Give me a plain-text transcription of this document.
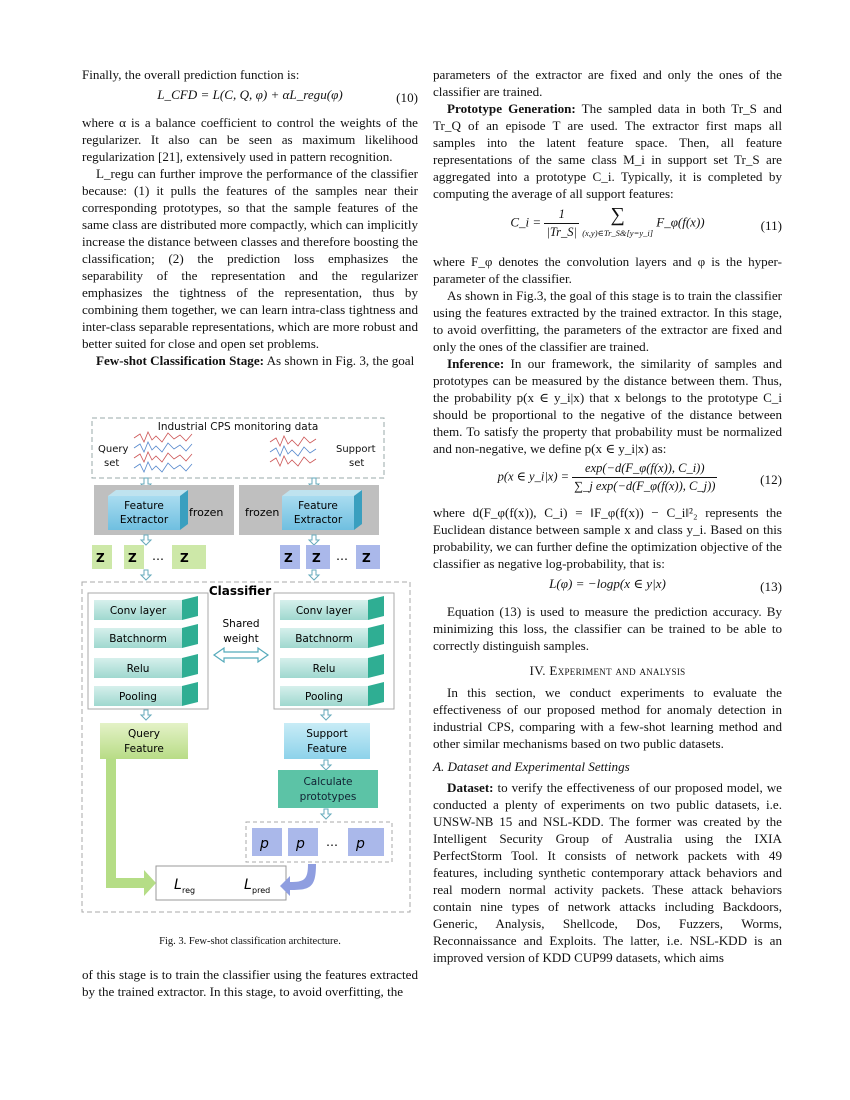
Finally, the overall prediction function is:

L_CFD = L(C, Q, φ) + αL_regu(φ)	(10)

where α is a balance coefficient to control the weights of the regularizer. It also can be seen as maximum likelihood regularization [21], extensively used in pattern recognition.

L_regu can further improve the performance of the classifier because: (1) it pulls the features of the samples near their corresponding prototypes, so that the sample features of the same class are distributed more compactly, which can implicitly increase the distance between classes and therefore boosting the classification; (2) the prediction loss emphasizes the separability of the representation and the regularizer emphasizes the tightness of the representation, thus by combining them together, we can learn intra-class tightness and inter-class separable representations, which are more robust and better suited for close and open set problems.

Few-shot Classification Stage: As shown in Fig. 3, the goal

Industrial CPS monitoring data
Query
set
Support
set
Feature
Extractor
frozen frozen Feature
Extractor
Z Z … Z	Z Z … Z
Classifier
Conv layer
Batchnorm
Relu
Pooling
Conv layer
Batchnorm
Relu
Pooling
Shared
weight
Query
Feature
Support
Feature
Calculate
prototypes
p p … p
L reg	L pred
Fig. 3. Few-shot classification architecture.

of this stage is to train the classifier using the features extracted by the trained extractor. In this stage, to avoid overfitting, the

parameters of the extractor are fixed and only the ones of the classifier are trained.

Prototype Generation: The sampled data in both Tr_S and Tr_Q of an episode T are used. The extractor first maps all samples into the latent feature space. Then, all feature representations of the same class M_i in support set Tr_S are aggregated into a prototype C_i. Typically, it is completed by computing the average of all support features:

C_i = $\frac{1}{|Tr\_S|}$
	∑
(x,y)∈Tr_S&[y=y_i]
F_φ(f(x))	(11)

where F_φ denotes the convolution layers and φ is the hyper-parameter of the classifier.

As shown in Fig.3, the goal of this stage is to train the classifier using the features extracted by the trained extractor. In this stage, to avoid overfitting, the parameters of the extractor are fixed and only the ones of the classifier are trained.

Inference: In our framework, the similarity of samples and prototypes can be measured by the distance between them. Thus, the probability p(x ∈ y_i|x) that x belongs to the prototype C_i should be proportional to the negative of the distance between them. To satisfy the property that probability must be normalized and non-negative, we define p(x ∈ y_i|x) as:

p(x ∈ y_i|x) = $\frac{\exp(-d(F\_\varphi(f(x)), C\_i))}{\text{∑\_j exp(−d(F\_φ(f(x)), C\_j))}}$	(12)

where d(F_φ(f(x)), C_i) = ‖F_φ(f(x)) − C_i‖²₂ represents the Euclidean distance between sample x and class y_i. Based on this probability, we can further define the optimization objective of the classifier as negative log-probability, that is:

L(φ) = −logp(x ∈ y|x)	(13)

Equation (13) is used to measure the prediction accuracy. By minimizing this loss, the classifier can be trained to be able to correctly distinguish samples.

IV. Experiment and analysis

In this section, we conduct experiments to evaluate the effectiveness of our proposed method for anomaly detection in industrial CPS, comparing with a few-shot learning method and other similar mechanisms based on two public datasets.

A. Dataset and Experimental Settings

Dataset: to verify the effectiveness of our proposed model, we conducted a plenty of experiments on two public datasets, i.e. UNSW-NB 15 and NSL-KDD. The former was created by the Intelligent Security Group of Australia using the IXIA PerfectStorm Tool. It consists of network packets with 49 features, including synthetic contemporary attack behaviors and real modern normal activity packets. These attack behaviors contain nine types of network attacks including Backdoors, Generic, Analysis, Shellcode, Dos, Fuzzers, Worms, Reconnaissance and Exploits. The latter, i.e. NSL-KDD is an improved version of KDD CUP99 datasets, which aims
